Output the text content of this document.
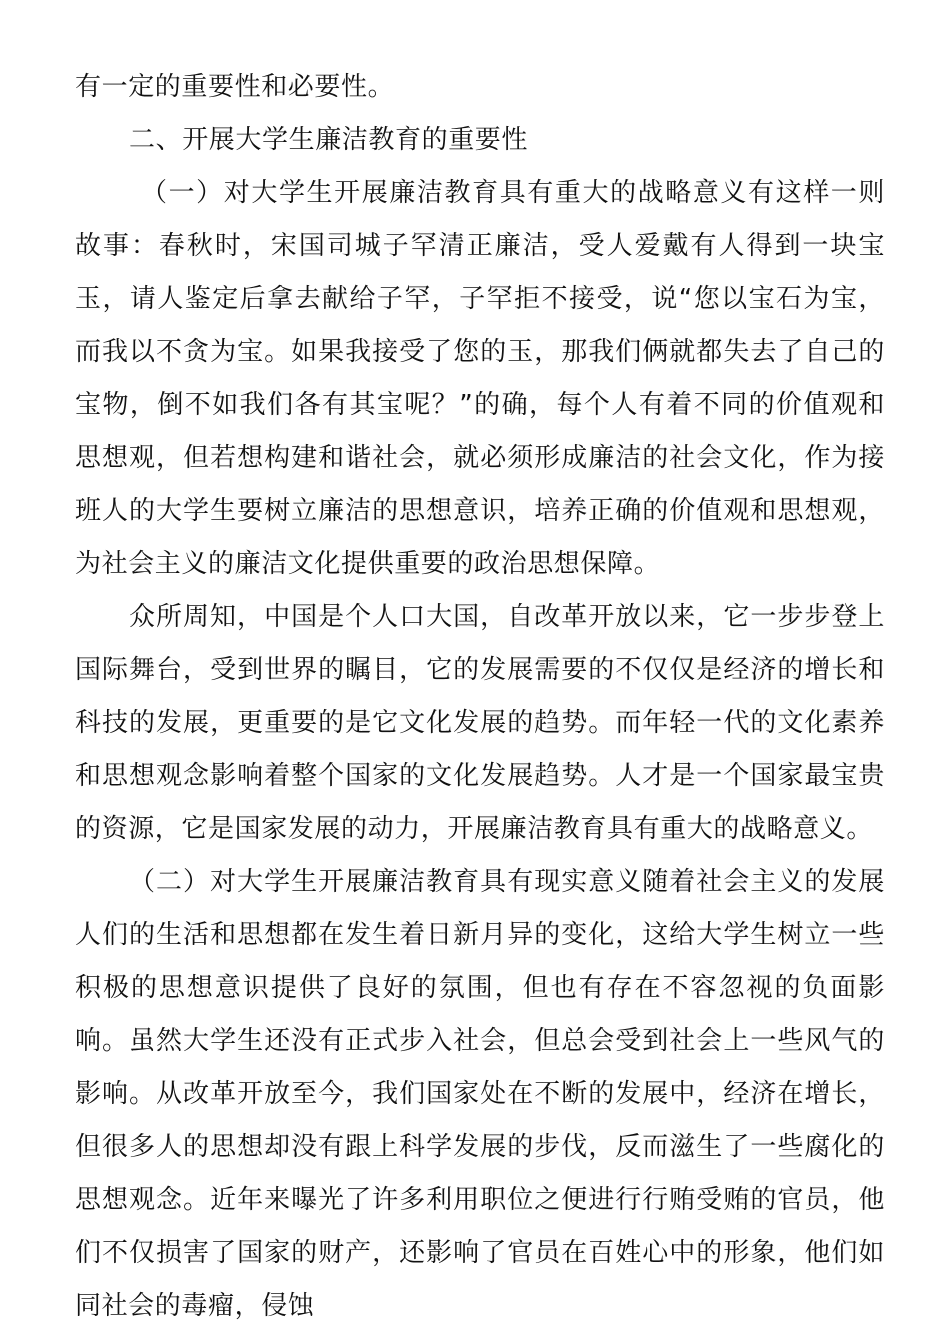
有一定的重要性和必要性。

二、开展大学生廉洁教育的重要性

（一）对大学生开展廉洁教育具有重大的战略意义有这样一则故事：春秋时，宋国司城子罕清正廉洁，受人爱戴有人得到一块宝玉，请人鉴定后拿去献给子罕，子罕拒不接受，说“您以宝石为宝，而我以不贪为宝。如果我接受了您的玉，那我们俩就都失去了自己的宝物，倒不如我们各有其宝呢？”的确，每个人有着不同的价值观和思想观，但若想构建和谐社会，就必须形成廉洁的社会文化，作为接班人的大学生要树立廉洁的思想意识，培养正确的价值观和思想观，为社会主义的廉洁文化提供重要的政治思想保障。

众所周知，中国是个人口大国，自改革开放以来，它一步步登上国际舞台，受到世界的瞩目，它的发展需要的不仅仅是经济的增长和科技的发展，更重要的是它文化发展的趋势。而年轻一代的文化素养和思想观念影响着整个国家的文化发展趋势。人才是一个国家最宝贵的资源，它是国家发展的动力，开展廉洁教育具有重大的战略意义。

（二）对大学生开展廉洁教育具有现实意义随着社会主义的发展人们的生活和思想都在发生着日新月异的变化，这给大学生树立一些积极的思想意识提供了良好的氛围，但也有存在不容忽视的负面影响。虽然大学生还没有正式步入社会，但总会受到社会上一些风气的影响。从改革开放至今，我们国家处在不断的发展中，经济在增长，但很多人的思想却没有跟上科学发展的步伐，反而滋生了一些腐化的思想观念。近年来曝光了许多利用职位之便进行行贿受贿的官员，他们不仅损害了国家的财产，还影响了官员在百姓心中的形象，他们如同社会的毒瘤，侵蚀
